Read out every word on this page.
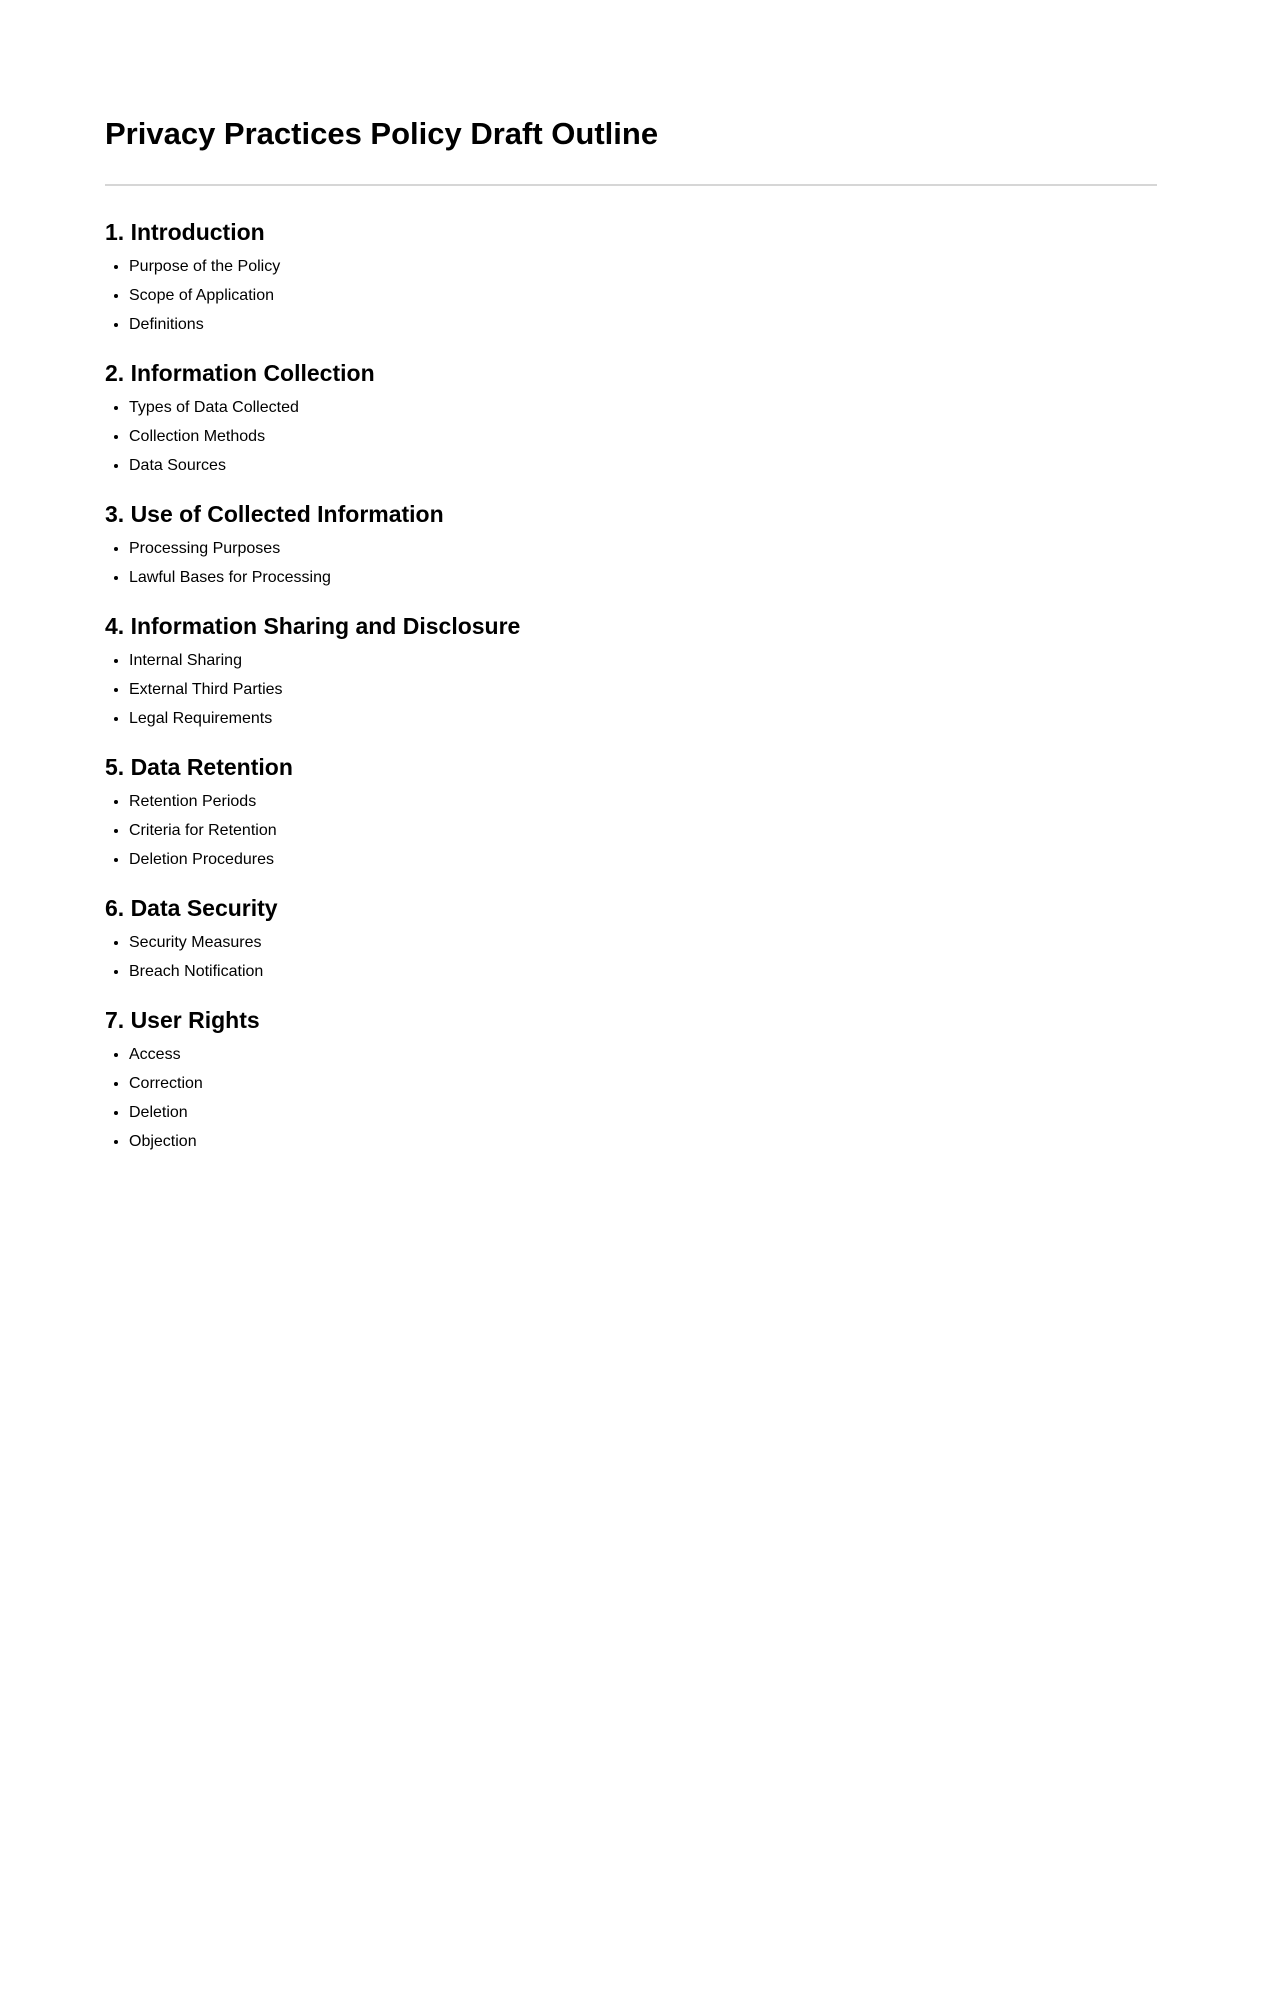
Privacy Practices Policy Draft Outline
1. Introduction
• Purpose of the Policy
• Scope of Application
• Definitions
2. Information Collection
• Types of Data Collected
• Collection Methods
• Data Sources
3. Use of Collected Information
• Processing Purposes
• Lawful Bases for Processing
4. Information Sharing and Disclosure
• Internal Sharing
• External Third Parties
• Legal Requirements
5. Data Retention
• Retention Periods
• Criteria for Retention
• Deletion Procedures
6. Data Security
• Security Measures
• Breach Notification
7. User Rights
• Access
• Correction
• Deletion
• Objection
